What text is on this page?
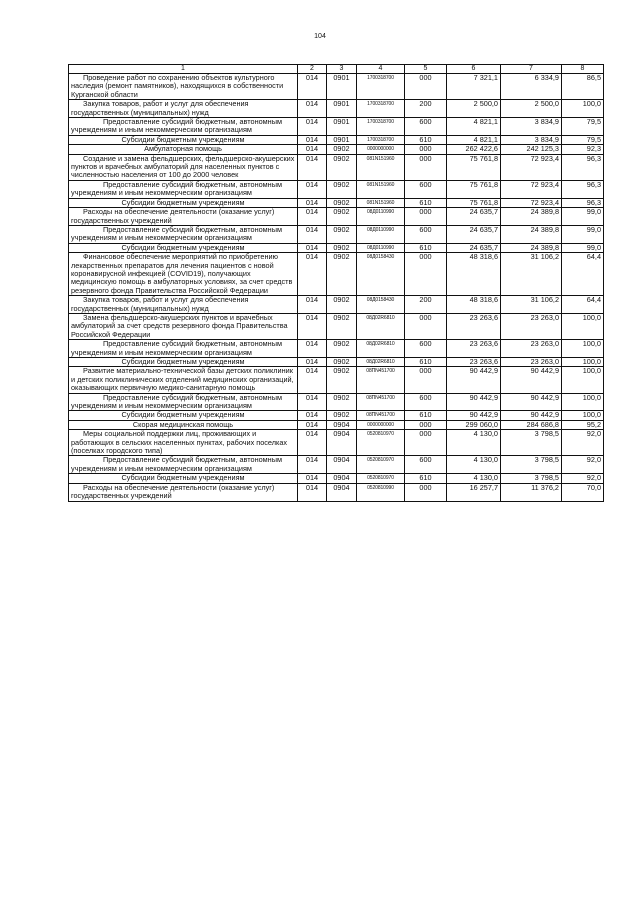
104
1	2	3	4	5	6	7	8
Проведение работ по сохранению объектов культурного наследия (ремонт памятников), находящихся в собственности Курганской области	014	0901	1700318700	000	7 321,1	6 334,9	86,5
Закупка товаров, работ и услуг для обеспечения государственных (муниципальных) нужд	014	0901	1700318700	200	2 500,0	2 500,0	100,0
Предоставление субсидий бюджетным, автономным учреждениям и иным некоммерческим организациям	014	0901	1700318700	600	4 821,1	3 834,9	79,5
Субсидии бюджетным учреждениям	014	0901	1700318700	610	4 821,1	3 834,9	79,5
Амбулаторная помощь	014	0902	0000000000	000	262 422,6	242 125,3	92,3
Создание и замена фельдшерских, фельдшерско-акушерских пунктов и врачебных амбулаторий для населенных пунктов с численностью населения от 100 до 2000 человек	014	0902	081N151960	000	75 761,8	72 923,4	96,3
Предоставление субсидий бюджетным, автономным учреждениям и иным некоммерческим организациям	014	0902	081N151960	600	75 761,8	72 923,4	96,3
Субсидии бюджетным учреждениям	014	0902	081N151960	610	75 761,8	72 923,4	96,3
Расходы на обеспечение деятельности (оказание услуг) государственных учреждений	014	0902	08Д0110990	000	24 635,7	24 389,8	99,0
Предоставление субсидий бюджетным, автономным учреждениям и иным некоммерческим организациям	014	0902	08Д0110990	600	24 635,7	24 389,8	99,0
Субсидии бюджетным учреждениям	014	0902	08Д0110990	610	24 635,7	24 389,8	99,0
Финансовое обеспечение мероприятий по приобретению лекарственных препаратов для лечения пациентов с новой коронавирусной инфекцией (COVID19), получающих медицинскую помощь в амбулаторных условиях, за счет средств резервного фонда Правительства Российской Федерации	014	0902	08Д0158430	000	48 318,6	31 106,2	64,4
Закупка товаров, работ и услуг для обеспечения государственных (муниципальных) нужд	014	0902	08Д0158430	200	48 318,6	31 106,2	64,4
Замена фельдшерско-акушерских пунктов и врачебных амбулаторий за счет средств резервного фонда Правительства Российской Федерации	014	0902	08Д02R6810	000	23 263,6	23 263,0	100,0
Предоставление субсидий бюджетным, автономным учреждениям и иным некоммерческим организациям	014	0902	08Д02R6810	600	23 263,6	23 263,0	100,0
Субсидии бюджетным учреждениям	014	0902	08Д02R6810	610	23 263,6	23 263,0	100,0
Развитие материально-технической базы детских поликлиник и детских поликлинических отделений медицинских организаций, оказывающих первичную медико-санитарную помощь	014	0902	08ПN451700	000	90 442,9	90 442,9	100,0
Предоставление субсидий бюджетным, автономным учреждениям и иным некоммерческим организациям	014	0902	08ПN451700	600	90 442,9	90 442,9	100,0
Субсидии бюджетным учреждениям	014	0902	08ПN451700	610	90 442,9	90 442,9	100,0
Скорая медицинская помощь	014	0904	0000000000	000	299 060,0	284 686,8	95,2
Меры социальной поддержки лиц, проживающих и работающих в сельских населенных пунктах, рабочих поселках (поселках городского типа)	014	0904	0520810970	000	4 130,0	3 798,5	92,0
Предоставление субсидий бюджетным, автономным учреждениям и иным некоммерческим организациям	014	0904	0520810970	600	4 130,0	3 798,5	92,0
Субсидии бюджетным учреждениям	014	0904	0520810970	610	4 130,0	3 798,5	92,0
Расходы на обеспечение деятельности (оказание услуг) государственных учреждений	014	0904	0520810990	000	16 257,7	11 376,2	70,0
